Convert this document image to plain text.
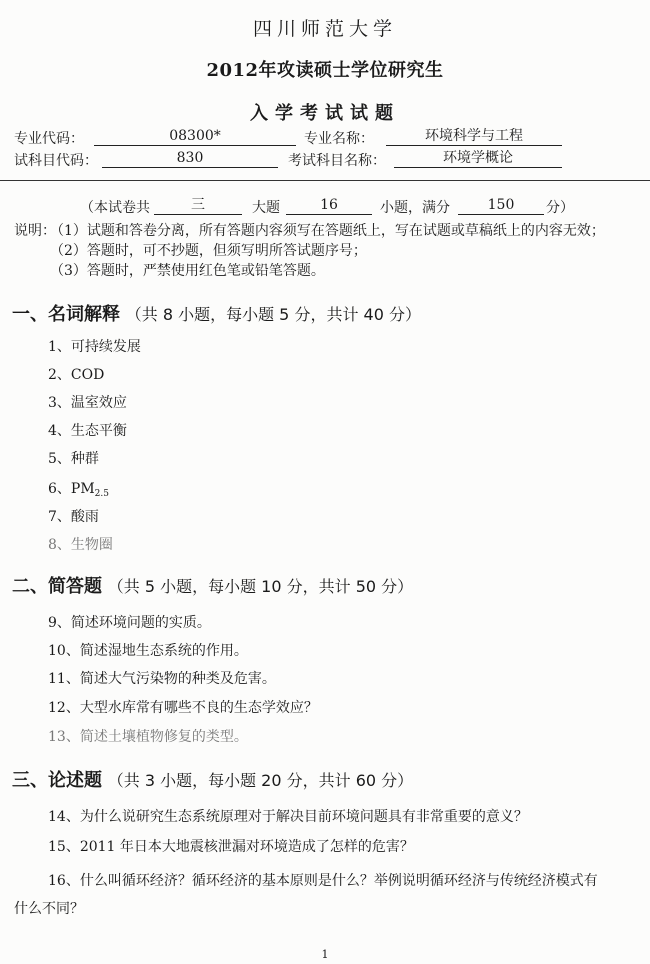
四川师范大学
2012年攻读硕士学位研究生
入学考试试题
专业代码：	08300*	专业名称：	环境科学与工程
试科目代码：	830	考试科目名称：	环境学概论
（本试卷共	三	大题	16	小题，满分	150	分）
说明：
（1）试题和答卷分离，所有答题内容须写在答题纸上，写在试题或草稿纸上的内容无效；
（2）答题时，可不抄题，但须写明所答试题序号；
（3）答题时，严禁使用红色笔或铅笔答题。
一、名词解释 （共 8 小题，每小题 5 分，共计 40 分）
1、可持续发展
2、COD
3、温室效应
4、生态平衡
5、种群
6、$PM_{2.5}$
7、酸雨
8、生物圈
二、简答题 （共 5 小题，每小题 10 分，共计 50 分）
9、简述环境问题的实质。
10、简述湿地生态系统的作用。
11、简述大气污染物的种类及危害。
12、大型水库常有哪些不良的生态学效应？
13、简述土壤植物修复的类型。
三、论述题 （共 3 小题，每小题 20 分，共计 60 分）
14、为什么说研究生态系统原理对于解决目前环境问题具有非常重要的意义？
15、2011 年日本大地震核泄漏对环境造成了怎样的危害？
16、什么叫循环经济？循环经济的基本原则是什么？举例说明循环经济与传统经济模式有
什么不同？
1
